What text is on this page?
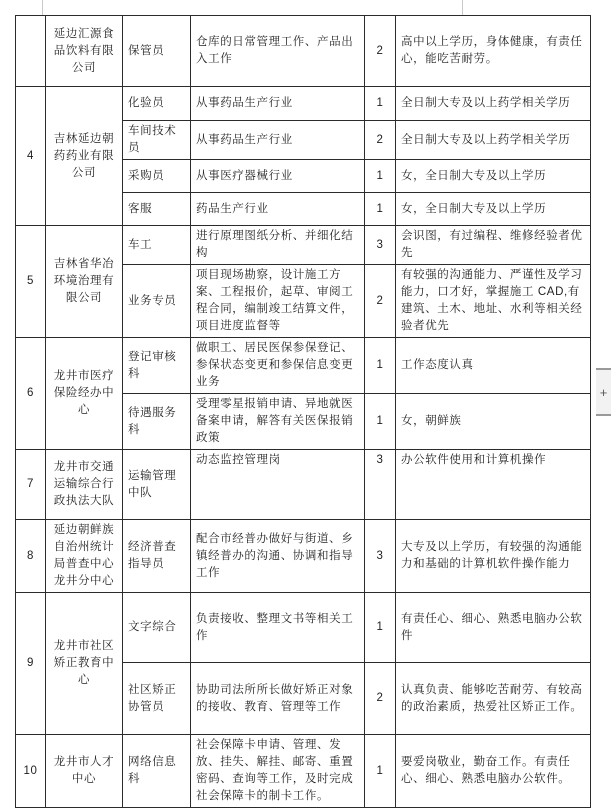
	延边汇源食品饮料有限公司	保管员	仓库的日常管理工作、产品出入工作	2	高中以上学历，身体健康，有责任心，能吃苦耐劳。
4	吉林延边朝药药业有限公司	化验员	从事药品生产行业	1	全日制大专及以上药学相关学历
		车间技术员	从事药品生产行业	2	全日制大专及以上药学相关学历
		采购员	从事医疗器械行业	1	女，全日制大专及以上学历
		客服	药品生产行业	1	女，全日制大专及以上学历
5	吉林省华冶环境治理有限公司	车工	进行原理图纸分析、并细化结构	3	会识图，有过编程、维修经验者优先
		业务专员	项目现场勘察，设计施工方案、工程报价，起草、审阅工程合同，编制竣工结算文件，项目进度监督等	2	有较强的沟通能力、严谨性及学习能力，口才好，掌握施工 CAD,有建筑、土木、地址、水利等相关经验者优先
6	龙井市医疗保险经办中心	登记审核科	做职工、居民医保参保登记、参保状态变更和参保信息变更业务	1	工作态度认真
		待遇服务科	受理零星报销申请、异地就医备案申请，解答有关医保报销政策	1	女，朝鲜族
7	龙井市交通运输综合行政执法大队	运输管理中队	动态监控管理岗	3	办公软件使用和计算机操作
8	延边朝鲜族自治州统计局普查中心龙井分中心	经济普查指导员	配合市经普办做好与街道、乡镇经普办的沟通、协调和指导工作	3	大专及以上学历，有较强的沟通能力和基础的计算机软件操作能力
9	龙井市社区矫正教育中心	文字综合	负责接收、整理文书等相关工作	1	有责任心、细心、熟悉电脑办公软件
		社区矫正协管员	协助司法所所长做好矫正对象的接收、教育、管理等工作	2	认真负责、能够吃苦耐劳、有较高的政治素质，热爱社区矫正工作。
10	龙井市人才中心	网络信息科	社会保障卡申请、管理、发放、挂失、解挂、邮寄、重置密码、查询等工作，及时完成社会保障卡的制卡工作。	1	要爱岗敬业，勤奋工作。有责任心、细心、熟悉电脑办公软件。
+
